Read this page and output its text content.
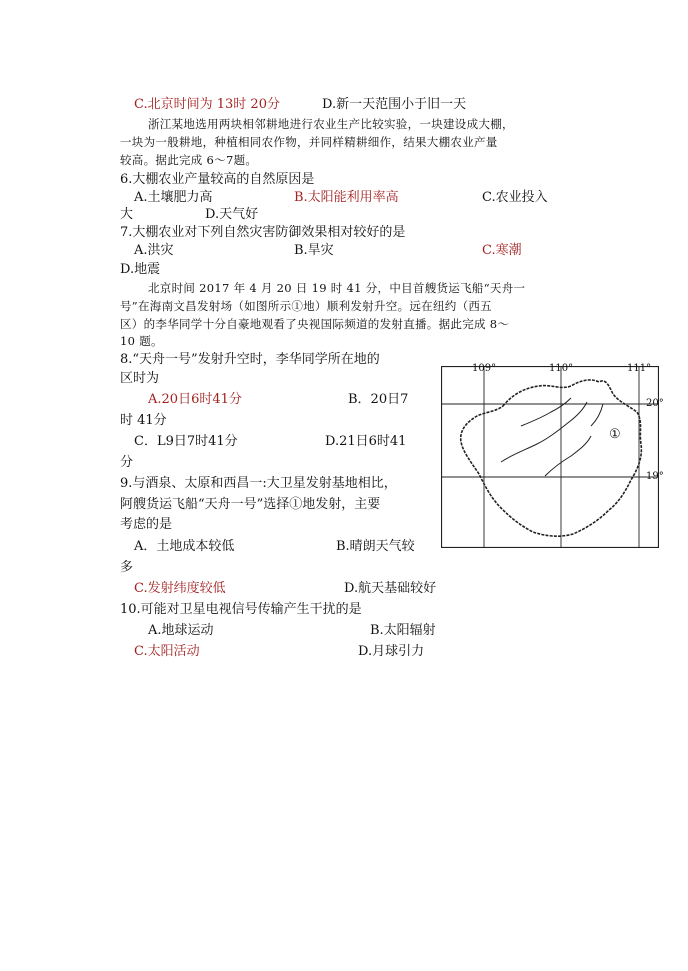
C.北京时间为 13时 20分	D.新一天范围小于旧一天
浙江某地选用两块相邻耕地进行农业生产比较实验，一块建设成大棚，
一块为一般耕地，种植相同农作物，并同样精耕细作，结果大棚农业产量
较高。据此完成 6～7题。
6.大棚农业产量较高的自然原因是
A.土壤肥力高	B.太阳能利用率高	C.农业投入
大	D.天气好
7.大棚农业对下列自然灾害防御效果相对较好的是
A.洪灾	B.旱灾	C.寒潮
D.地震
北京时间 2017 年 4 月 20 日 19 时 41 分，中目首艘货运飞船“天舟一
号”在海南文昌发射场（如图所示①地）顺利发射升空。远在纽约（西五
区）的李华同学十分自豪地观看了央视国际频道的发射直播。据此完成 8～
10 题。
8.“天舟一号”发射升空时，李华同学所在地的
区时为
A.20日6时41分	B．20日7
时 41分
C．L9日7时41分	D.21日6时41
分
9.与酒泉、太原和西昌一:大卫星发射基地相比，
阿艘货运飞船“天舟一号”选择①地发射，主要
考虑的是
A．土地成本较低	B.晴朗天气较
多
C.发射纬度较低	D.航天基础较好
10.可能对卫星电视信号传输产生干扰的是
A.地球运动	B.太阳辐射
C.太阳活动	D.月球引力
①
109°	110°	111°
20°
19°
